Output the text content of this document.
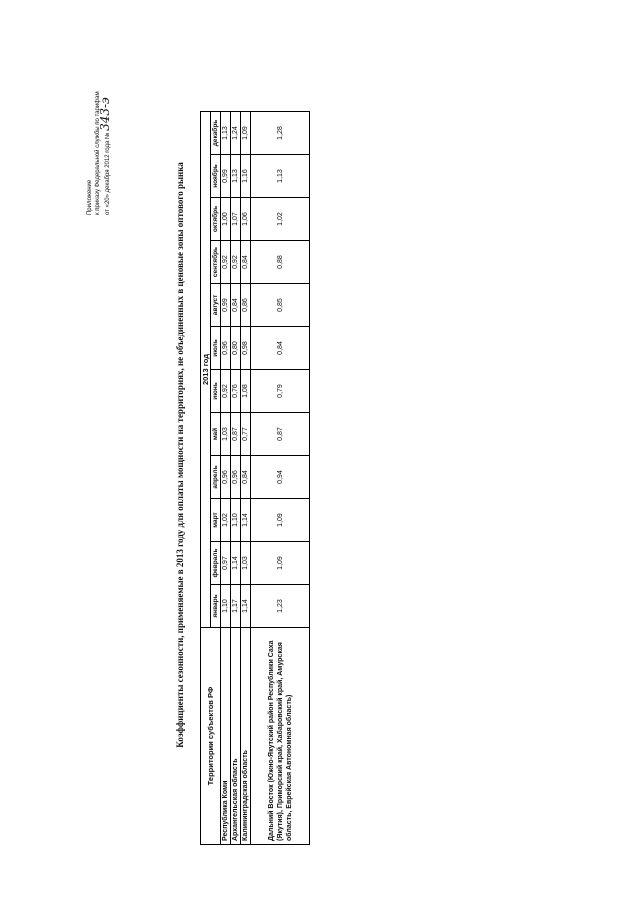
Приложение к приказу Федеральной службы по тарифам от «20» декабря 2012 года № 343-э
Коэффициенты сезонности, применяемые в 2013 году для оплаты мощности на территориях, не объединенных в ценовые зоны оптового рынка	Территории субъектов РФ	2013 год											
	январь	февраль	март	апрель	май	июнь	июль	август	сентябрь	октябрь	ноябрь	декабрь
Республика Коми	1,10	0,97	1,02	0,96	1,03	0,92	0,96	0,99	0,92	1,00	0,99	1,13
Архангельская область	1,17	1,14	1,10	0,96	0,87	0,76	0,80	0,84	0,92	1,07	1,13	1,24
Калининградская область	1,14	1,03	1,14	0,84	0,77	1,08	0,98	0,86	0,84	1,06	1,16	1,09
Дальний Восток (Южно-Якутский район Республики Саха (Якутия), Приморский край, Хабаровский край, Амурская область, Еврейская Автономная область)	1,23	1,09	1,09	0,94	0,87	0,79	0,84	0,85	0,88	1,02	1,13	1,28
